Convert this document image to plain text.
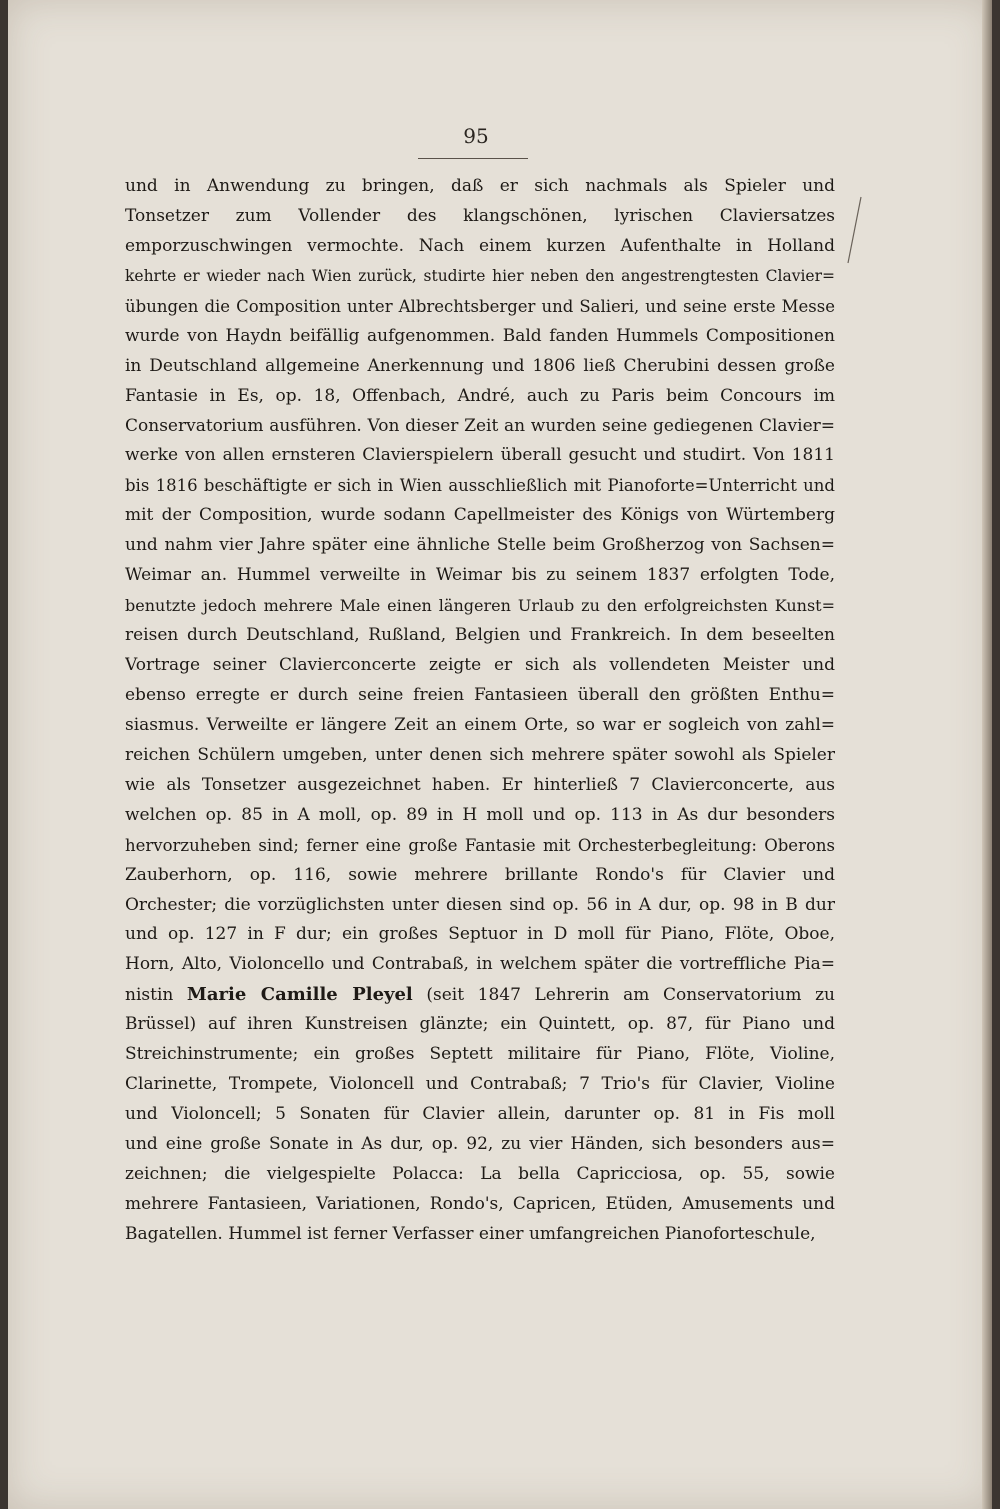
95
und in Anwendung zu bringen, daß er sich nachmals als Spieler und
Tonsetzer zum Vollender des klangschönen, lyrischen Claviersatzes
emporzuschwingen vermochte. Nach einem kurzen Aufenthalte in Holland
kehrte er wieder nach Wien zurück, studirte hier neben den angestrengtesten Clavier=
übungen die Composition unter Albrechtsberger und Salieri, und seine erste Messe
wurde von Haydn beifällig aufgenommen. Bald fanden Hummels Compositionen
in Deutschland allgemeine Anerkennung und 1806 ließ Cherubini dessen große
Fantasie in Es, op. 18, Offenbach, André, auch zu Paris beim Concours im
Conservatorium ausführen. Von dieser Zeit an wurden seine gediegenen Clavier=
werke von allen ernsteren Clavierspielern überall gesucht und studirt. Von 1811
bis 1816 beschäftigte er sich in Wien ausschließlich mit Pianoforte=Unterricht und
mit der Composition, wurde sodann Capellmeister des Königs von Würtemberg
und nahm vier Jahre später eine ähnliche Stelle beim Großherzog von Sachsen=
Weimar an. Hummel verweilte in Weimar bis zu seinem 1837 erfolgten Tode,
benutzte jedoch mehrere Male einen längeren Urlaub zu den erfolgreichsten Kunst=
reisen durch Deutschland, Rußland, Belgien und Frankreich. In dem beseelten
Vortrage seiner Clavierconcerte zeigte er sich als vollendeten Meister und
ebenso erregte er durch seine freien Fantasieen überall den größten Enthu=
siasmus. Verweilte er längere Zeit an einem Orte, so war er sogleich von zahl=
reichen Schülern umgeben, unter denen sich mehrere später sowohl als Spieler
wie als Tonsetzer ausgezeichnet haben. Er hinterließ 7 Clavierconcerte, aus
welchen op. 85 in A moll, op. 89 in H moll und op. 113 in As dur besonders
hervorzuheben sind; ferner eine große Fantasie mit Orchesterbegleitung: Oberons
Zauberhorn, op. 116, sowie mehrere brillante Rondo's für Clavier und
Orchester; die vorzüglichsten unter diesen sind op. 56 in A dur, op. 98 in B dur
und op. 127 in F dur; ein großes Septuor in D moll für Piano, Flöte, Oboe,
Horn, Alto, Violoncello und Contrabaß, in welchem später die vortreffliche Pia=
nistin Marie Camille Pleyel (seit 1847 Lehrerin am Conservatorium zu
Brüssel) auf ihren Kunstreisen glänzte; ein Quintett, op. 87, für Piano und
Streichinstrumente; ein großes Septett militaire für Piano, Flöte, Violine,
Clarinette, Trompete, Violoncell und Contrabaß; 7 Trio's für Clavier, Violine
und Violoncell; 5 Sonaten für Clavier allein, darunter op. 81 in Fis moll
und eine große Sonate in As dur, op. 92, zu vier Händen, sich besonders aus=
zeichnen; die vielgespielte Polacca: La bella Capricciosa, op. 55, sowie
mehrere Fantasieen, Variationen, Rondo's, Capricen, Etüden, Amusements und
Bagatellen. Hummel ist ferner Verfasser einer umfangreichen Pianoforteschule,
